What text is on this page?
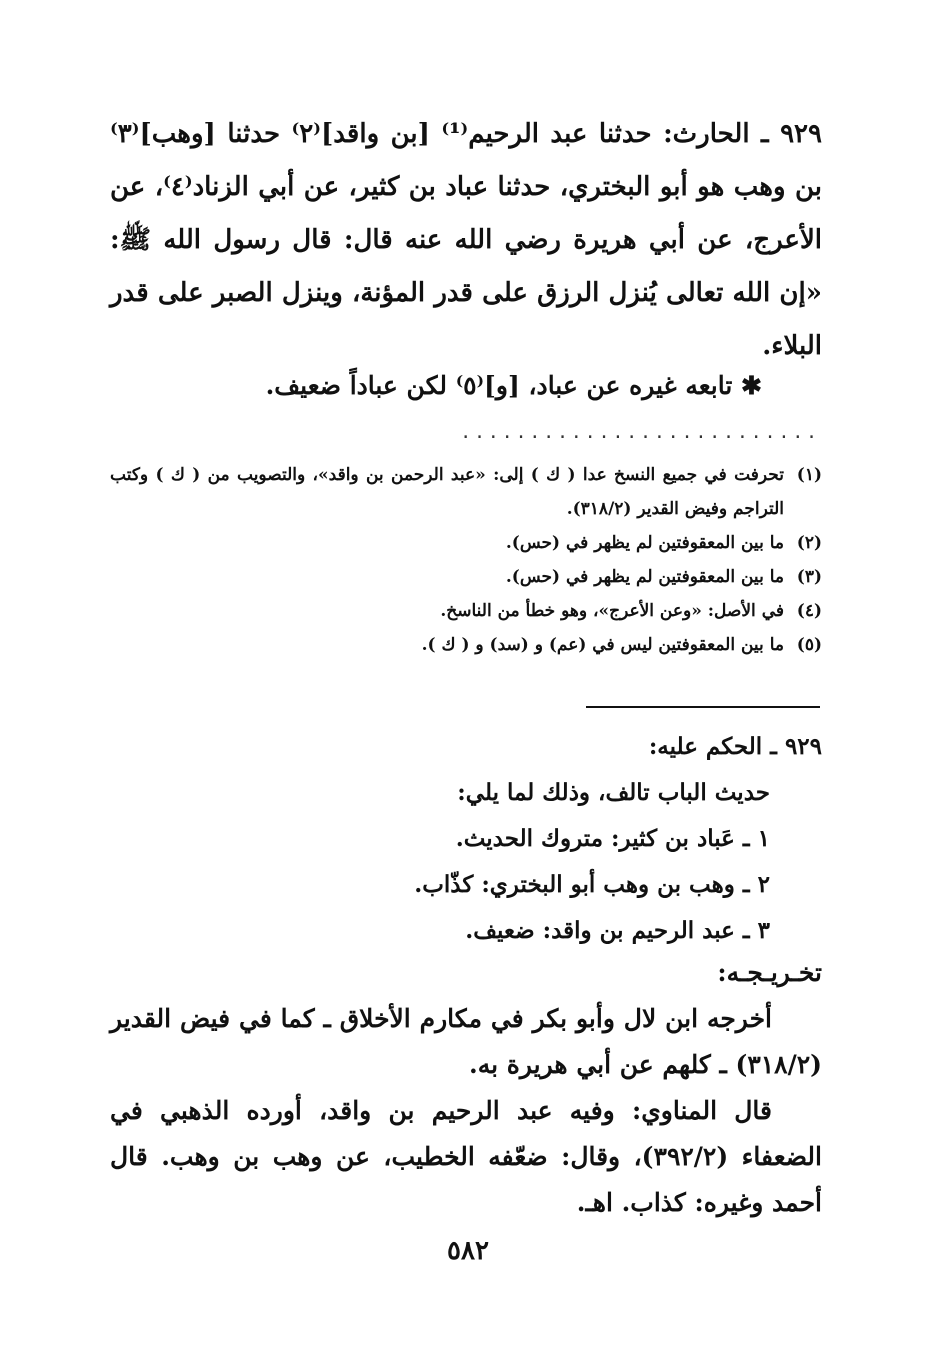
٩٢٩ ـ الحارث: حدثنا عبد الرحيم⁽¹⁾ [بن واقد]⁽٢⁾ حدثنا [وهب]⁽٣⁾ بن وهب هو أبو البختري، حدثنا عباد بن كثير، عن أبي الزناد⁽٤⁾، عن الأعرج، عن أبي هريرة رضي الله عنه قال: قال رسول الله ﷺ: «إن الله تعالى يُنزل الرزق على قدر المؤنة، وينزل الصبر على قدر البلاء.
✱ تابعه غيره عن عباد، [و]⁽٥⁾ لكن عباداً ضعيف.
..........................
(١)
تحرفت في جميع النسخ عدا ( ك ) إلى: «عبد الرحمن بن واقد»، والتصويب من ( ك ) وكتب التراجم وفيض القدير (٣١٨/٢).
(٢)
ما بين المعقوفتين لم يظهر في (حس).
(٣)
ما بين المعقوفتين لم يظهر في (حس).
(٤)
في الأصل: «وعن الأعرج»، وهو خطأ من الناسخ.
(٥)
ما بين المعقوفتين ليس في (عم) و (سد) و ( ك ).
٩٢٩ ـ الحكم عليه:
حديث الباب تالف، وذلك لما يلي:
١ ـ عَباد بن كثير: متروك الحديث.
٢ ـ وهب بن وهب أبو البختري: كذّاب.
٣ ـ عبد الرحيم بن واقد: ضعيف.
تخـريـجـه:

أخرجه ابن لال وأبو بكر في مكارم الأخلاق ـ كما في فيض القدير (٣١٨/٢) ـ كلهم عن أبي هريرة به.

قال المناوي: وفيه عبد الرحيم بن واقد، أورده الذهبي في الضعفاء (٣٩٢/٢)، وقال: ضعّفه الخطيب، عن وهب بن وهب. قال أحمد وغيره: كذاب. اهـ.

٥٨٢
